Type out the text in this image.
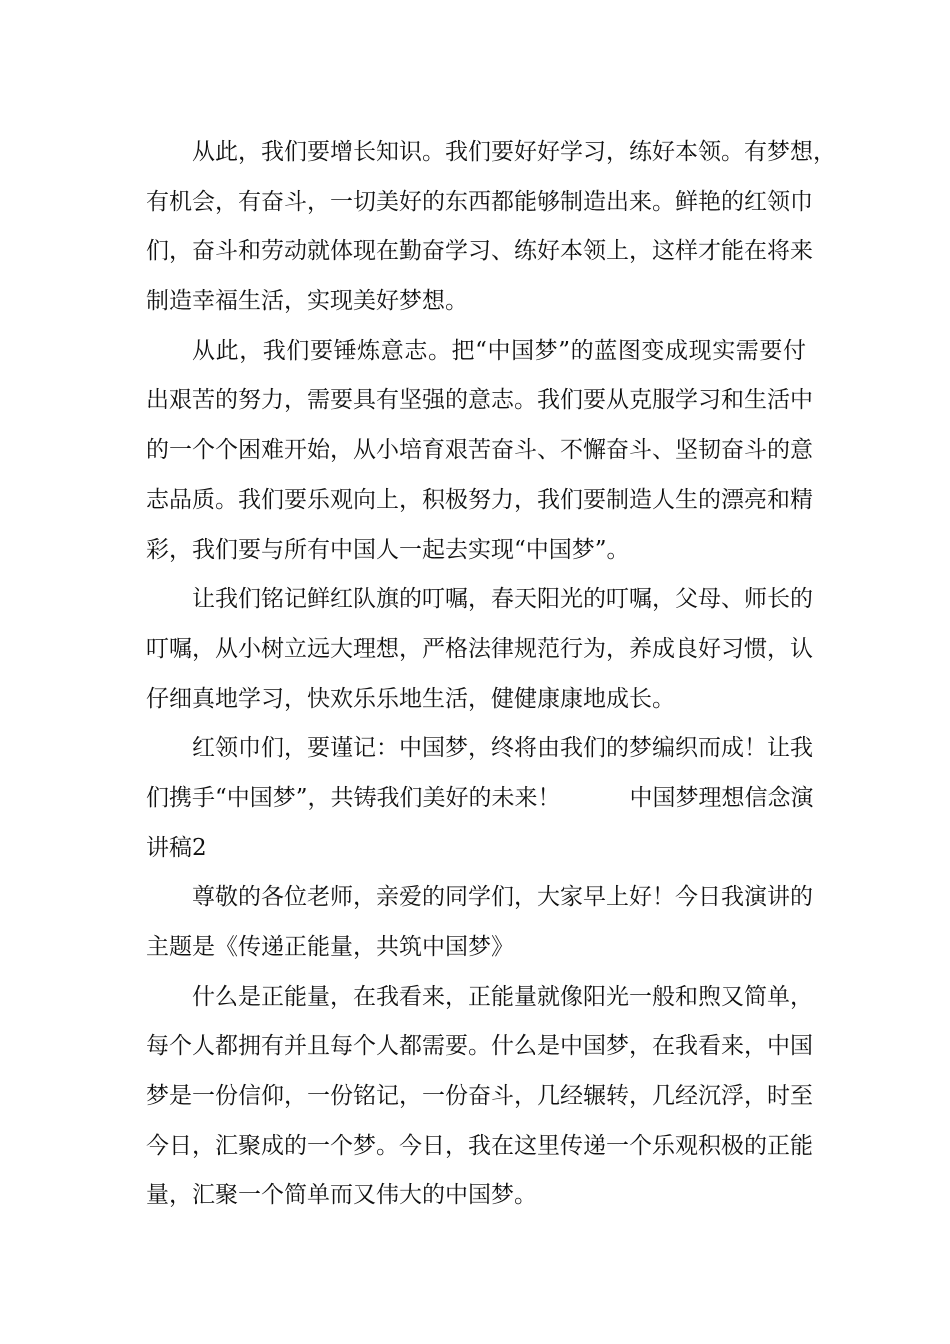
从此，我们要增长知识。我们要好好学习，练好本领。有梦想，
有机会，有奋斗，一切美好的东西都能够制造出来。鲜艳的红领巾
们，奋斗和劳动就体现在勤奋学习、练好本领上，这样才能在将来
制造幸福生活，实现美好梦想。
从此，我们要锤炼意志。把“中国梦”的蓝图变成现实需要付
出艰苦的努力，需要具有坚强的意志。我们要从克服学习和生活中
的一个个困难开始，从小培育艰苦奋斗、不懈奋斗、坚韧奋斗的意
志品质。我们要乐观向上，积极努力，我们要制造人生的漂亮和精
彩，我们要与所有中国人一起去实现“中国梦”。
让我们铭记鲜红队旗的叮嘱，春天阳光的叮嘱，父母、师长的
叮嘱，从小树立远大理想，严格法律规范行为，养成良好习惯，认
仔细真地学习，快欢乐乐地生活，健健康康地成长。
红领巾们，要谨记：中国梦，终将由我们的梦编织而成！让我
们携手“中国梦”，共铸我们美好的未来！　　　中国梦理想信念演
讲稿2
尊敬的各位老师，亲爱的同学们，大家早上好！今日我演讲的
主题是《传递正能量，共筑中国梦》
什么是正能量，在我看来，正能量就像阳光一般和煦又简单，
每个人都拥有并且每个人都需要。什么是中国梦，在我看来，中国
梦是一份信仰，一份铭记，一份奋斗，几经辗转，几经沉浮，时至
今日，汇聚成的一个梦。今日，我在这里传递一个乐观积极的正能
量，汇聚一个简单而又伟大的中国梦。
